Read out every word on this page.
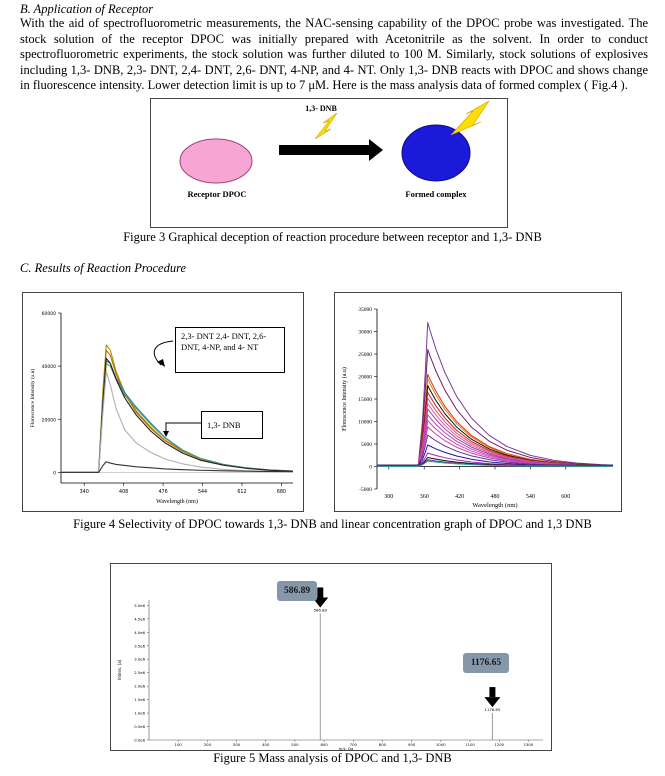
B. Application of Receptor
With the aid of spectrofluorometric measurements, the NAC-sensing capability of the DPOC probe was investigated. The stock solution of the receptor DPOC was initially prepared with Acetonitrile as the solvent. In order to conduct spectrofluorometric experiments, the stock solution was further diluted to 100 M. Similarly, stock solutions of explosives including 1,3- DNB, 2,3- DNT, 2,4- DNT, 2,6- DNT, 4-NP, and 4- NT. Only 1,3- DNB reacts with DPOC and shows change in fluorescence intensity. Lower detection limit is up to 7 μM. Here is the mass analysis data of formed complex ( Fig.4 ).
1,3- DNB
Receptor DPOC	Formed complex
Figure 3 Graphical deception of reaction procedure between receptor and 1,3- DNB
C. Results of Reaction Procedure
0
20000
40000
60000
340	408	476	544	612	680
Wavelength (nm)
Florescence Intensity (a.u)
2,3- DNT 2,4- DNT, 2,6- DNT, 4-NP, and 4- NT
1,3- DNB
-5000
0
5000
10000
15000
20000
25000
30000
35000
300	360	420	480	540	600
Wavelength (nm)
Florescence Intensity (a.u)
Figure 4 Selectivity of DPOC towards 1,3- DNB and linear concentration graph of DPOC and 1,3 DNB
0.0e6
0.5e6
1.0e6
1.5e6
2.0e6
2.5e6
3.0e6
3.5e6
4.0e6
4.5e6
5.0e6
100	200	300	400	500	600	700	800	900	1000	1100	1200	1300
m/z, Da
Intens. [a]
586.89
1176.65
586.89
1176.65
Figure 5 Mass analysis of DPOC and 1,3- DNB
